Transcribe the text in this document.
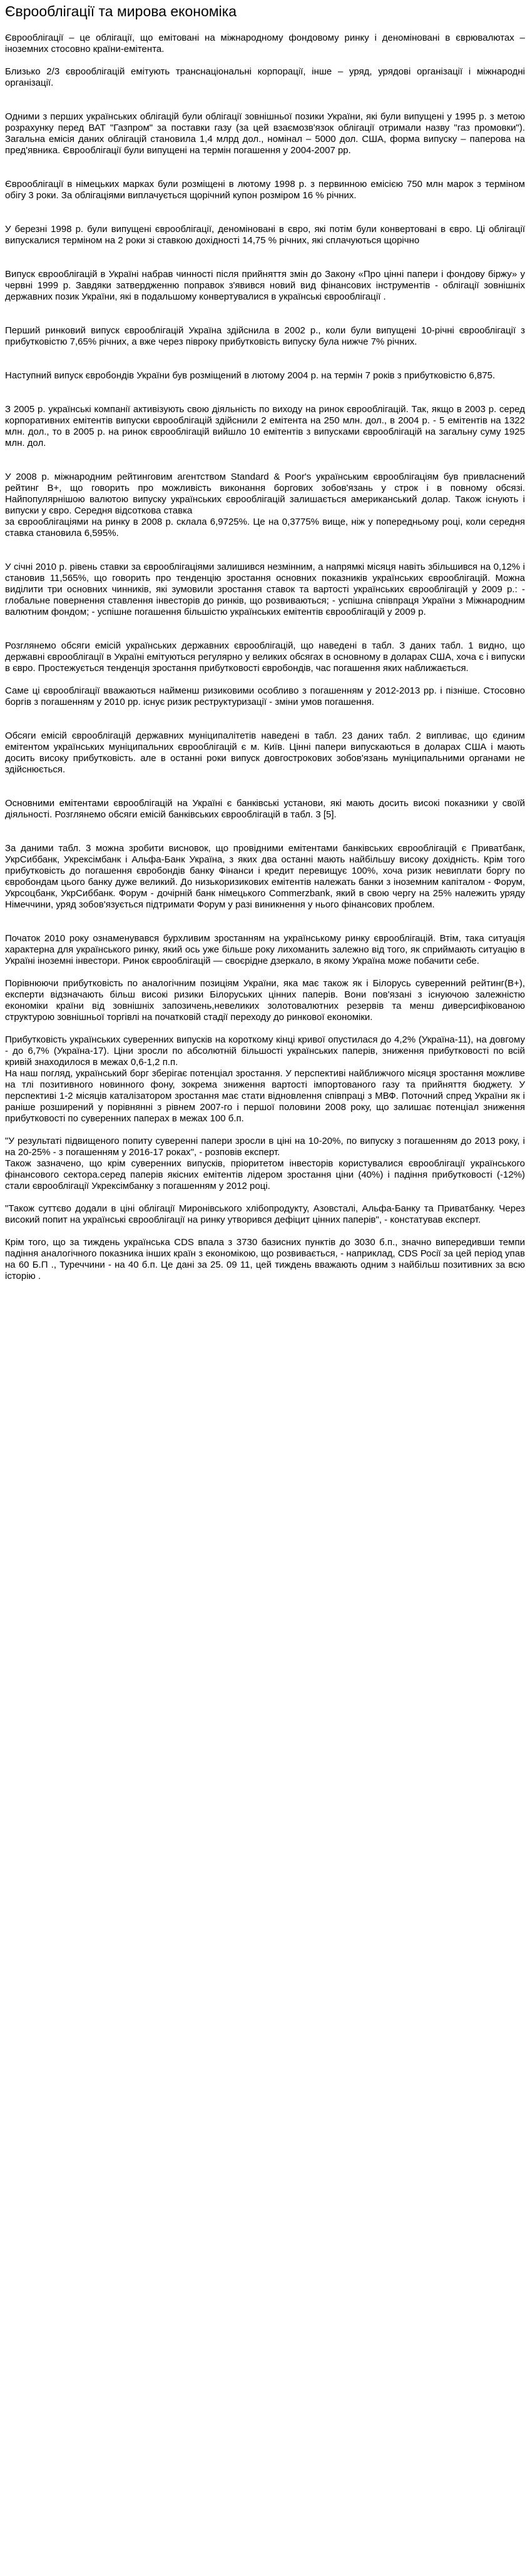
Єврооблігації та мирова економіка

Єврооблігації – це облігації, що емітовані на міжнародному фондовому ринку і деноміновані в єврювалютах – іноземних стосовно країни-емітента.

Близько 2/3 єврооблігацій емітують транснаціональні корпорації, інше – уряд, урядові організації і міжнародні організації.

Одними з перших українських облігацій були облігації зовнішньої позики України, які були випущені у 1995 р. з метою розрахунку перед ВАТ "Газпром" за поставки газу (за цей взаємозв'язок облігації отримали назву "газ промовки"). Загальна емісія даних облігацій становила 1,4 млрд дол., номінал – 5000 дол. США, форма випуску – паперова на пред'явника. Єврооблігації були випущені на термін погашення у 2004-2007 рр.

Єврооблігації в німецьких марках були розміщені в лютому 1998 р. з первинною емісією 750 млн марок з терміном обігу 3 роки. За облігаціями виплачується щорічний купон розміром 16 % річних.

У березні 1998 р. були випущені єврооблігації, деноміновані в євро, які потім були конвертовані в євро. Ці облігації випускалися терміном на 2 роки зі ставкою дохідності 14,75 % річних, які сплачуються щорічно

Випуск єврооблігацій в Україні набрав чинності після прийняття змін до Закону «Про цінні папери і фондову біржу» у червні 1999 р. Завдяки затвердженню поправок з'явився новий вид фінансових інструментів - облігації зовнішніх державних позик України, які в подальшому конвертувалися в українські єврооблігації .

Перший ринковий випуск єврооблігацій Україна здійснила в 2002 р., коли були випущені 10-річні єврооблігації з прибутковістю 7,65% річних, а вже через півроку прибутковість випуску була нижче 7% річних.

Наступний випуск євробондів України був розміщений в лютому 2004 р. на термін 7 років з прибутковістю 6,875.

З 2005 р. українські компанії активізують свою діяльність по виходу на ринок єврооблігацій. Так, якщо в 2003 р. серед корпоративних емітентів випуски єврооблігацій здійснили 2 емітента на 250 млн. дол., в 2004 р. - 5 емітентів на 1322 млн. дол., то в 2005 р. на ринок єврооблігацій вийшло 10 емітентів з випусками єврооблігацій на загальну суму 1925 млн. дол.

У 2008 р. міжнародним рейтинговим агентством Standard & Poor's українським єврооблігаціям був привласнений рейтинг В+, що говорить про можливість виконання боргових зобов'язань у строк і в повному обсязі. Найпопулярнішою валютою випуску українських єврооблігацій залишається американський долар. Також існують і випуски у євро. Середня відсоткова ставка
за єврооблігаціями на ринку в 2008 р. склала 6,9725%. Це на 0,3775% вище, ніж у попередньому році, коли середня ставка становила 6,595%.

У січні 2010 р. рівень ставки за єврооблігаціями залишився незмінним, а напрямкі місяця навіть збільшився на 0,12% і становив 11,565%, що говорить про тенденцію зростання основних показників українських єврооблігацій. Можна виділити три основних чинників, які зумовили зростання ставок та вартості українських єврооблігацій у 2009 р.: - глобальне повернення ставлення інвесторів до ринків, що розвиваються; - успішна співпраця України з Міжнародним валютним фондом; - успішне погашення більшістю українських емітентів єврооблігацій у 2009 р.

Розглянемо обсяги емісій українських державних єврооблігацій, що наведені в табл. З даних табл. 1 видно, що державні єврооблігації в Україні емітуються регулярно у великих обсягах в основному в доларах США, хоча є і випуски в євро. Простежується тенденція зростання прибутковості євробондів, час погашення яких наближається.

Саме ці єврооблігації вважаються найменш ризиковими особливо з погашенням у 2012-2013 рр. і пізніше. Стосовно боргів з погашенням у 2010 рр. існує ризик реструктуризації - зміни умов погашення.

Обсяги емісій єврооблігацій державних муніципалітетів наведені в табл. 23 даних табл. 2 випливає, що єдиним емітентом українських муніципальних єврооблігацій є м. Київ. Цінні папери випускаються в доларах США і мають досить високу прибутковість. але в останні роки випуск довгострокових зобов'язань муніципальними органами не здійснюється.

Основними емітентами єврооблігацій на Україні є банківські установи, які мають досить високі показники у своїй діяльності. Розглянемо обсяги емісій банківських єврооблігацій в табл. 3 [5].

За даними табл. 3 можна зробити висновок, що провідними емітентами банківських єврооблігацій є Приватбанк, УкрСиббанк, Укрексімбанк і Альфа-Банк Україна, з яких два останні мають найбільшу високу дохідність. Крім того прибутковість до погашення євробондів банку Фінанси і кредит перевищує 100%, хоча ризик невиплати боргу по євробондам цього банку дуже великий. До низькоризикових емітентів належать банки з іноземним капіталом - Форум, Укрсоцбанк, УкрСиббанк. Форум - дочірній банк німецького Commerzbank, який в свою чергу на 25% належить уряду Німеччини, уряд зобов'язується підтримати Форум у разі виникнення у нього фінансових проблем.

Початок 2010 року ознаменувався бурхливим зростанням на українському ринку єврооблігацій. Втім, така ситуація характерна для українського ринку, який ось уже більше року лихоманить залежно від того, як сприймають ситуацію в Україні іноземні інвестори. Ринок єврооблігацій — своєрідне дзеркало, в якому Україна може побачити себе.

Порівнюючи прибутковість по аналогічним позиціям України, яка має також як і Білорусь суверенний рейтинг(В+), експерти відзначають більш високі ризики Білоруських цінних паперів. Вони пов'язані з існуючою залежністю економіки країни від зовнішніх запозичень,невеликих золотовалютних резервів та менш диверсифікованою структурою зовнішньої торгівлі на початковій стадії переходу до ринкової економіки.

Прибутковість українських суверенних випусків на короткому кінці кривої опустилася до 4,2% (Україна-11), на довгому - до 6,7% (Україна-17). Ціни зросли по абсолютній більшості українських паперів, зниження прибутковості по всій кривій знаходилося в межах 0,6-1,2 п.п.

На наш погляд, український борг зберігає потенціал зростання. У перспективі найближчого місяця зростання можливе на тлі позитивного новинного фону, зокрема зниження вартості імпортованого газу та прийняття бюджету. У перспективі 1-2 місяців каталізатором зростання має стати відновлення співпраці з МВФ. Поточний спред України як і раніше розширений у порівнянні з рівнем 2007-го і першої половини 2008 року, що залишає потенціал зниження прибутковості по суверенних паперах в межах 100 б.п.

"У результаті підвищеного попиту суверенні папери зросли в ціні на 10-20%, по випуску з погашенням до 2013 року, і на 20-25% - з погашенням у 2016-17 роках", - розповів експерт.
Також зазначено, що крім суверенних випусків, пріоритетом інвесторів користувалися єврооблігації українського фінансового сектора.серед паперів якісних емітентів лідером зростання ціни (40%) і падіння прибутковості (-12%) стали єврооблігації Укрексімбанку з погашенням у 2012 році.

"Також суттєво додали в ціні облігації Миронівського хлібопродукту, Азовсталі, Альфа-Банку та Приватбанку. Через високий попит на українські єврооблігації на ринку утворився дефіцит цінних паперів", - констатував експерт.

Крім того, що за тиждень українська CDS впала з 3730 базисних пунктів до 3030 б.п., значно випередивши темпи падіння аналогічного показника інших країн з економікою, що розвивається, - наприклад, CDS Росії за цей період упав на 60 Б.П ., Туреччини - на 40 б.п. Це дані за 25. 09 11, цей тиждень вважають одним з найбільш позитивних за всю історію .
